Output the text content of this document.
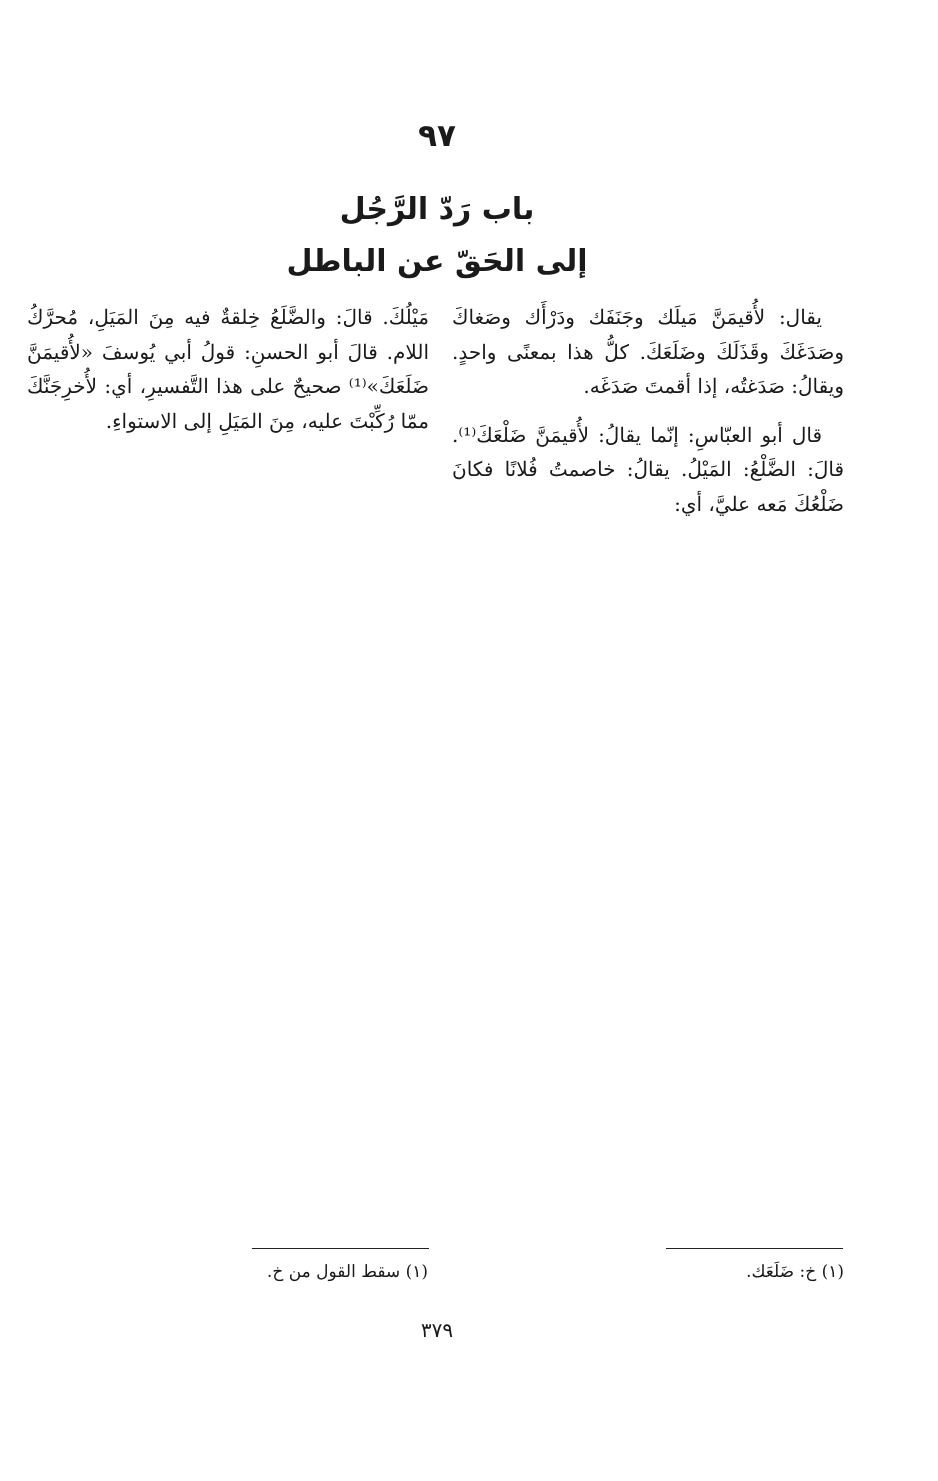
٩٧
باب رَدّ الرَّجُل
إلى الحَقّ عن الباطل

يقال: لأُقيمَنَّ مَيلَك وجَنَفَك ودَرْأَك وصَغاكَ وصَدَغَكَ وقَذَلَكَ وضَلَعَكَ. كلُّ هذا بمعنًى واحدٍ. ويقالُ: صَدَغتُه، إذا أقمتَ صَدَغَه.

قال أبو العبّاسِ: إنّما يقالُ: لأُقيمَنَّ ضَلْعَكَ⁽¹⁾. قالَ: الضَّلْعُ: المَيْلُ. يقالُ: خاصمتُ فُلانًا فكانَ ضَلْعُكَ مَعه عليَّ، أي:

مَيْلُكَ. قالَ: والضَّلَعُ خِلقةٌ فيه مِنَ المَيَلِ، مُحرَّكُ اللام. قالَ أبو الحسنِ: قولُ أبي يُوسفَ «لأُقيمَنَّ ضَلَعَكَ»⁽¹⁾ صحيحٌ على هذا التَّفسيرِ، أي: لأُخرِجَنَّكَ ممّا رُكِّبْتَ عليه، مِنَ المَيَلِ إلى الاستواءِ.

(١) خ: ضَلَعَك.
(١) سقط القول من خ.
٣٧٩
